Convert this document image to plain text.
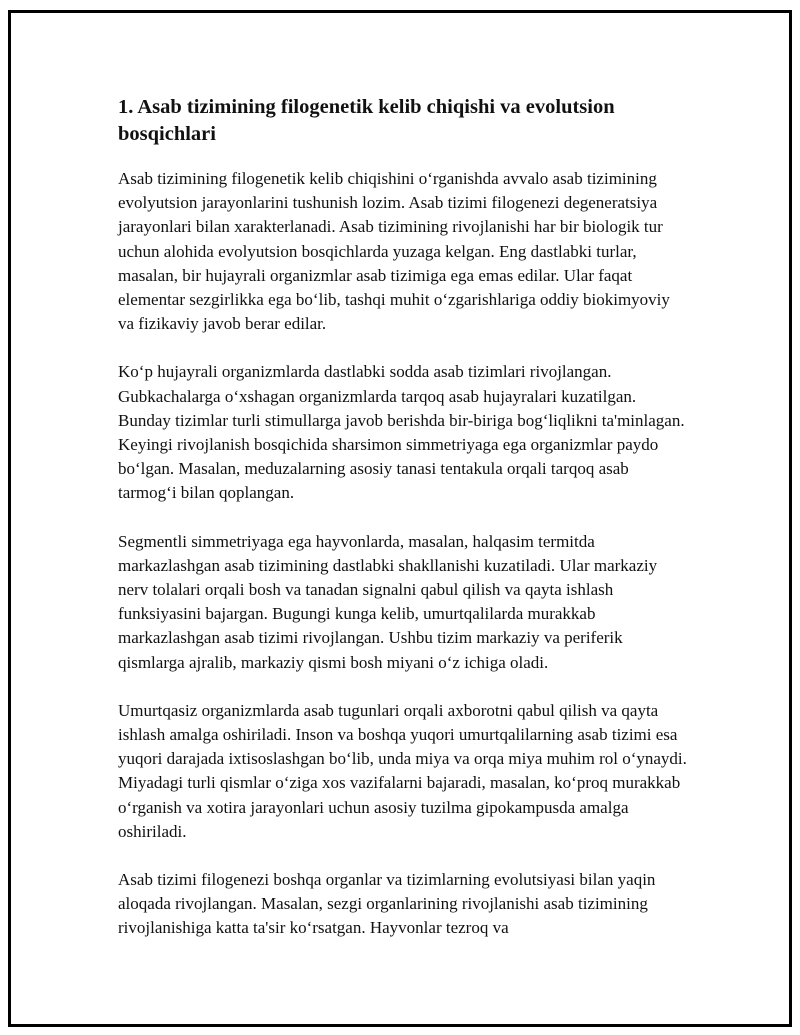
1. Asab tizimining filogenetik kelib chiqishi va evolutsion bosqichlari

Asab tizimining filogenetik kelib chiqishini o‘rganishda avvalo asab tizimining evolyutsion jarayonlarini tushunish lozim. Asab tizimi filogenezi degeneratsiya jarayonlari bilan xarakterlanadi. Asab tizimining rivojlanishi har bir biologik tur uchun alohida evolyutsion bosqichlarda yuzaga kelgan. Eng dastlabki turlar, masalan, bir hujayrali organizmlar asab tizimiga ega emas edilar. Ular faqat elementar sezgirlikka ega bo‘lib, tashqi muhit o‘zgarishlariga oddiy biokimyoviy va fizikaviy javob berar edilar.

Ko‘p hujayrali organizmlarda dastlabki sodda asab tizimlari rivojlangan. Gubkachalarga o‘xshagan organizmlarda tarqoq asab hujayralari kuzatilgan. Bunday tizimlar turli stimullarga javob berishda bir-biriga bog‘liqlikni ta'minlagan. Keyingi rivojlanish bosqichida sharsimon simmetriyaga ega organizmlar paydo bo‘lgan. Masalan, meduzalarning asosiy tanasi tentakula orqali tarqoq asab tarmog‘i bilan qoplangan.

Segmentli simmetriyaga ega hayvonlarda, masalan, halqasim termitda markazlashgan asab tizimining dastlabki shakllanishi kuzatiladi. Ular markaziy nerv tolalari orqali bosh va tanadan signalni qabul qilish va qayta ishlash funksiyasini bajargan. Bugungi kunga kelib, umurtqalilarda murakkab markazlashgan asab tizimi rivojlangan. Ushbu tizim markaziy va periferik qismlarga ajralib, markaziy qismi bosh miyani o‘z ichiga oladi.

Umurtqasiz organizmlarda asab tugunlari orqali axborotni qabul qilish va qayta ishlash amalga oshiriladi. Inson va boshqa yuqori umurtqalilarning asab tizimi esa yuqori darajada ixtisoslashgan bo‘lib, unda miya va orqa miya muhim rol o‘ynaydi. Miyadagi turli qismlar o‘ziga xos vazifalarni bajaradi, masalan, ko‘proq murakkab o‘rganish va xotira jarayonlari uchun asosiy tuzilma gipokampusda amalga oshiriladi.

Asab tizimi filogenezi boshqa organlar va tizimlarning evolutsiyasi bilan yaqin aloqada rivojlangan. Masalan, sezgi organlarining rivojlanishi asab tizimining rivojlanishiga katta ta'sir ko‘rsatgan. Hayvonlar tezroq va
